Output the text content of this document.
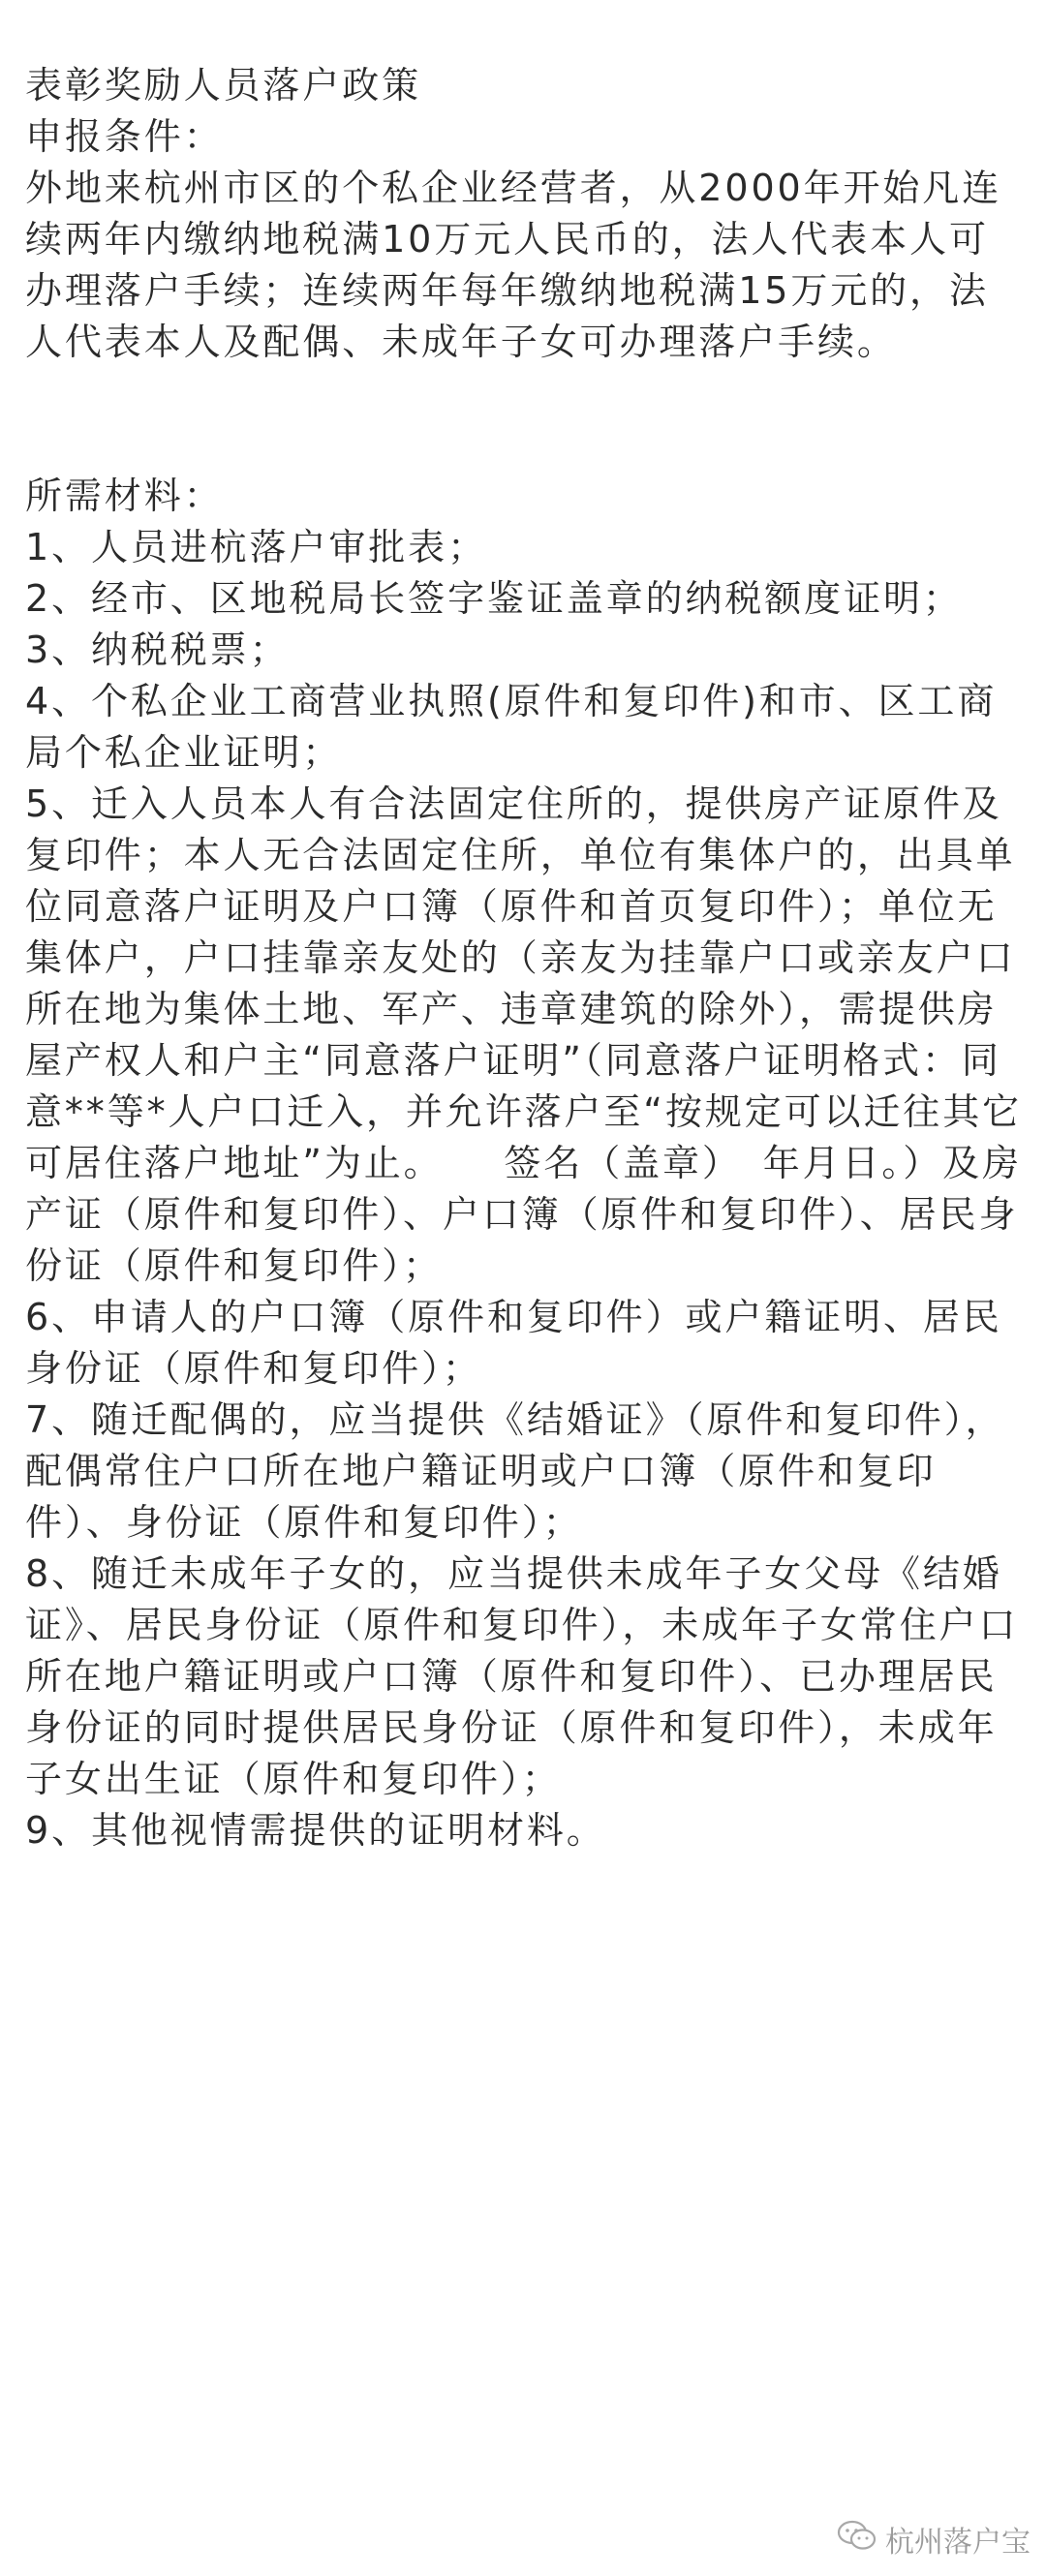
表彰奖励人员落户政策

申报条件：

外地来杭州市区的个私企业经营者，从2000年开始凡连续两年内缴纳地税满10万元人民币的，法人代表本人可办理落户手续；连续两年每年缴纳地税满15万元的，法人代表本人及配偶、未成年子女可办理落户手续。

所需材料：

1、人员进杭落户审批表；

2、经市、区地税局长签字鉴证盖章的纳税额度证明；

3、纳税税票；

4、个私企业工商营业执照(原件和复印件)和市、区工商局个私企业证明；

5、迁入人员本人有合法固定住所的，提供房产证原件及复印件；本人无合法固定住所，单位有集体户的，出具单位同意落户证明及户口簿（原件和首页复印件）；单位无集体户，户口挂靠亲友处的（亲友为挂靠户口或亲友户口所在地为集体土地、军产、违章建筑的除外），需提供房屋产权人和户主“同意落户证明”（同意落户证明格式：同意**等*人户口迁入，并允许落户至“按规定可以迁往其它可居住落户地址”为止。　　签名（盖章）　年月日。）及房产证（原件和复印件）、户口簿（原件和复印件）、居民身份证（原件和复印件）；

6、申请人的户口簿（原件和复印件）或户籍证明、居民身份证（原件和复印件）；

7、随迁配偶的，应当提供《结婚证》（原件和复印件），配偶常住户口所在地户籍证明或户口簿（原件和复印件）、身份证（原件和复印件）；

8、随迁未成年子女的，应当提供未成年子女父母《结婚证》、居民身份证（原件和复印件），未成年子女常住户口所在地户籍证明或户口簿（原件和复印件）、已办理居民身份证的同时提供居民身份证（原件和复印件），未成年子女出生证（原件和复印件）；

9、其他视情需提供的证明材料。

杭州落户宝
